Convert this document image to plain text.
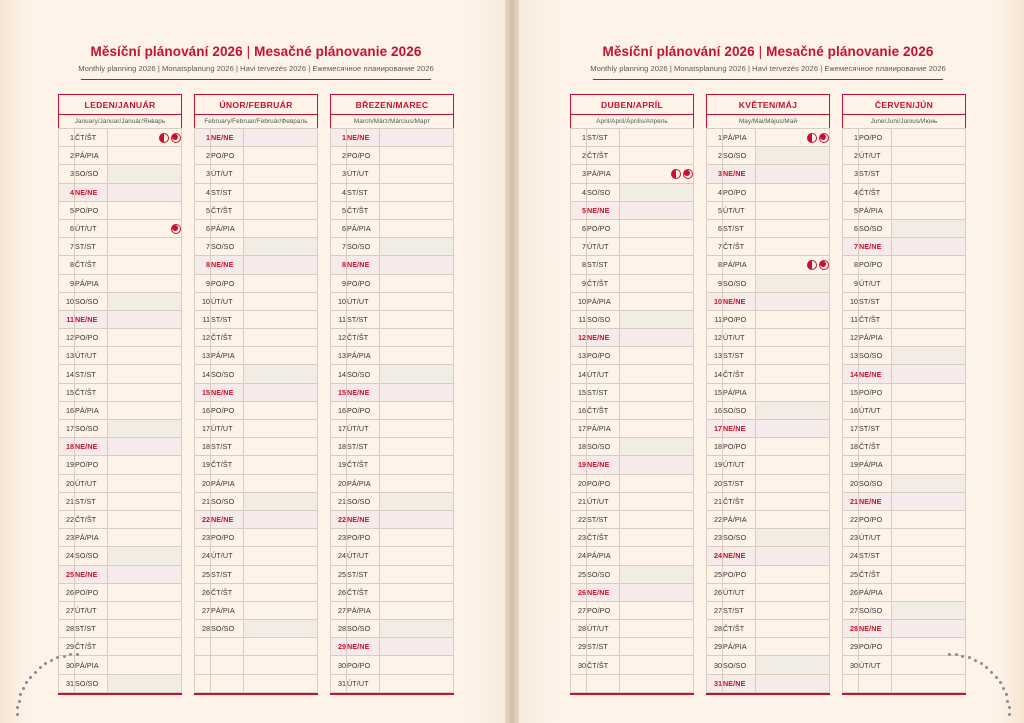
Měsíční plánování 2026 | Mesačné plánovanie 2026
Monthly planning 2026 | Monatsplanung 2026 | Havi tervezés 2026 | Ежемесячное планирование 2026
LEDEN/JANUÁR
January/Januar/Január/Январь
1	ČT/ŠT	
2	PÁ/PIA	
3	SO/SO	
4	NE/NE	
5	PO/PO	
6	ÚT/UT	
7	ST/ST	
8	ČT/ŠT	
9	PÁ/PIA	
10	SO/SO	
11	NE/NE	
12	PO/PO	
13	ÚT/UT	
14	ST/ST	
15	ČT/ŠT	
16	PÁ/PIA	
17	SO/SO	
18	NE/NE	
19	PO/PO	
20	ÚT/UT	
21	ST/ST	
22	ČT/ŠT	
23	PÁ/PIA	
24	SO/SO	
25	NE/NE	
26	PO/PO	
27	ÚT/UT	
28	ST/ST	
29	ČT/ŠT	
30	PÁ/PIA	
31	SO/SO	
ÚNOR/FEBRUÁR
February/Februar/Február/Февраль
1	NE/NE	
2	PO/PO	
3	ÚT/UT	
4	ST/ST	
5	ČT/ŠT	
6	PÁ/PIA	
7	SO/SO	
8	NE/NE	
9	PO/PO	
10	ÚT/UT	
11	ST/ST	
12	ČT/ŠT	
13	PÁ/PIA	
14	SO/SO	
15	NE/NE	
16	PO/PO	
17	ÚT/UT	
18	ST/ST	
19	ČT/ŠT	
20	PÁ/PIA	
21	SO/SO	
22	NE/NE	
23	PO/PO	
24	ÚT/UT	
25	ST/ST	
26	ČT/ŠT	
27	PÁ/PIA	
28	SO/SO	

BŘEZEN/MAREC
March/März/Március/Март
1	NE/NE	
2	PO/PO	
3	ÚT/UT	
4	ST/ST	
5	ČT/ŠT	
6	PÁ/PIA	
7	SO/SO	
8	NE/NE	
9	PO/PO	
10	ÚT/UT	
11	ST/ST	
12	ČT/ŠT	
13	PÁ/PIA	
14	SO/SO	
15	NE/NE	
16	PO/PO	
17	ÚT/UT	
18	ST/ST	
19	ČT/ŠT	
20	PÁ/PIA	
21	SO/SO	
22	NE/NE	
23	PO/PO	
24	ÚT/UT	
25	ST/ST	
26	ČT/ŠT	
27	PÁ/PIA	
28	SO/SO	
29	NE/NE	
30	PO/PO	
31	ÚT/UT	
Měsíční plánování 2026 | Mesačné plánovanie 2026
Monthly planning 2026 | Monatsplanung 2026 | Havi tervezés 2026 | Ежемесячное планирование 2026
DUBEN/APRÍL
April/April/Április/Апрель
1	ST/ST	
2	ČT/ŠT	
3	PÁ/PIA	
4	SO/SO	
5	NE/NE	
6	PO/PO	
7	ÚT/UT	
8	ST/ST	
9	ČT/ŠT	
10	PÁ/PIA	
11	SO/SO	
12	NE/NE	
13	PO/PO	
14	ÚT/UT	
15	ST/ST	
16	ČT/ŠT	
17	PÁ/PIA	
18	SO/SO	
19	NE/NE	
20	PO/PO	
21	ÚT/UT	
22	ST/ST	
23	ČT/ŠT	
24	PÁ/PIA	
25	SO/SO	
26	NE/NE	
27	PO/PO	
28	ÚT/UT	
29	ST/ST	
30	ČT/ŠT	

KVĚTEN/MÁJ
May/Mai/Május/Май
1	PÁ/PIA	
2	SO/SO	
3	NE/NE	
4	PO/PO	
5	ÚT/UT	
6	ST/ST	
7	ČT/ŠT	
8	PÁ/PIA	
9	SO/SO	
10	NE/NE	
11	PO/PO	
12	ÚT/UT	
13	ST/ST	
14	ČT/ŠT	
15	PÁ/PIA	
16	SO/SO	
17	NE/NE	
18	PO/PO	
19	ÚT/UT	
20	ST/ST	
21	ČT/ŠT	
22	PÁ/PIA	
23	SO/SO	
24	NE/NE	
25	PO/PO	
26	ÚT/UT	
27	ST/ST	
28	ČT/ŠT	
29	PÁ/PIA	
30	SO/SO	
31	NE/NE	
ČERVEN/JÚN
June/Juni/Június/Июнь
1	PO/PO	
2	ÚT/UT	
3	ST/ST	
4	ČT/ŠT	
5	PÁ/PIA	
6	SO/SO	
7	NE/NE	
8	PO/PO	
9	ÚT/UT	
10	ST/ST	
11	ČT/ŠT	
12	PÁ/PIA	
13	SO/SO	
14	NE/NE	
15	PO/PO	
16	ÚT/UT	
17	ST/ST	
18	ČT/ŠT	
19	PÁ/PIA	
20	SO/SO	
21	NE/NE	
22	PO/PO	
23	ÚT/UT	
24	ST/ST	
25	ČT/ŠT	
26	PÁ/PIA	
27	SO/SO	
28	NE/NE	
29	PO/PO	
30	ÚT/UT	
